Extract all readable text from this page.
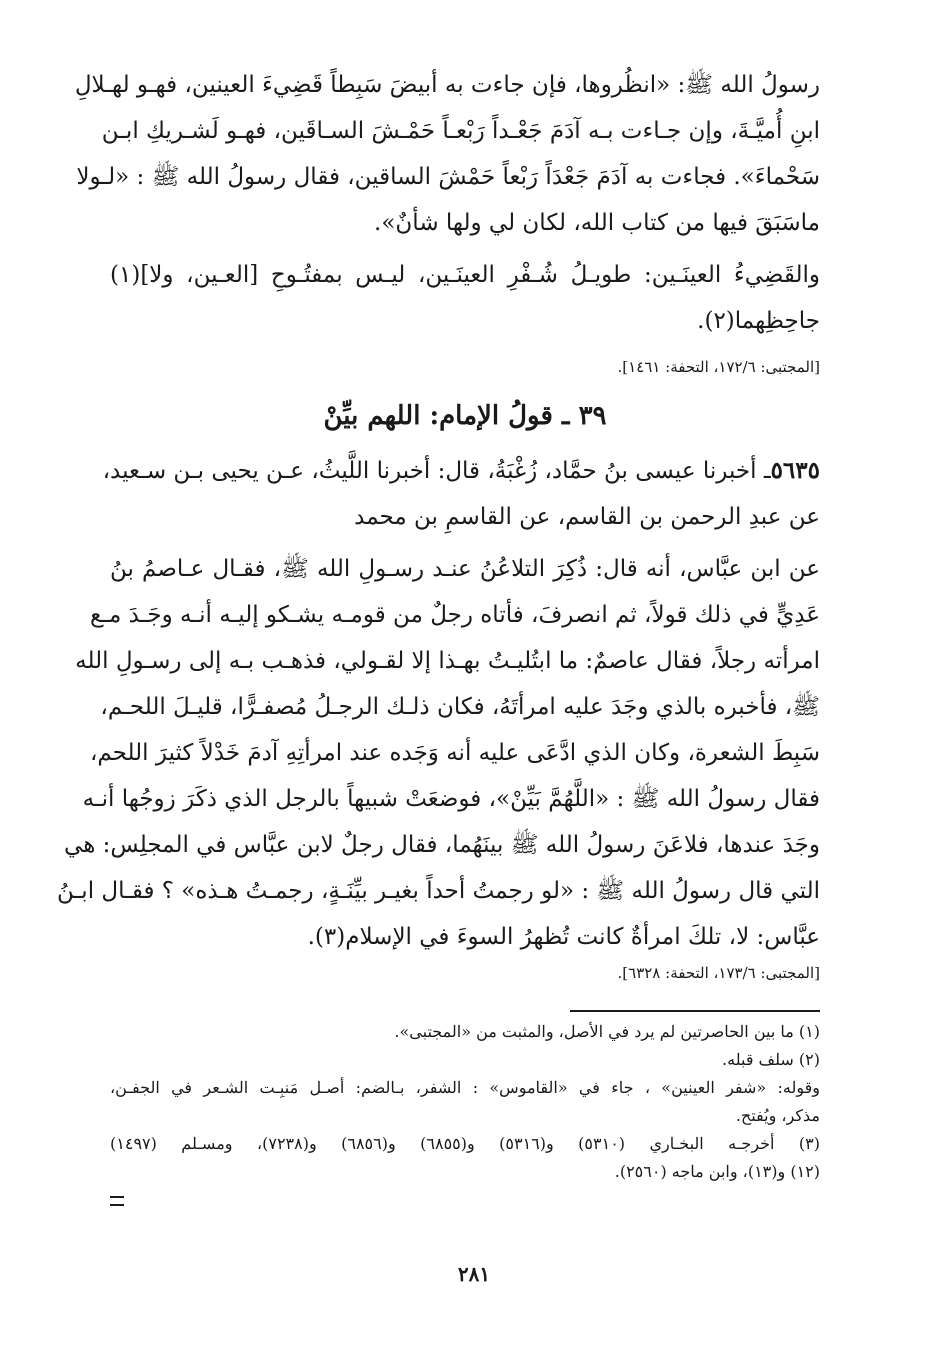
رسولُ الله ﷺ: «انظُروها، فإن جاءت به أبيضَ سَبِطاً قَضِيءَ العينين، فهـو لهـلالِ
ابنِ أُميَّـةَ، وإن جـاءت بـه آدَمَ جَعْـداً رَبْعـاً حَمْـشَ السـاقَين، فهـو لَشـريكِ ابـن
سَحْماءَ». فجاءت به آدَمَ جَعْدَاً رَبْعاً حَمْشَ الساقين، فقال رسولُ الله ﷺ : «لـولا
ماسَبَقَ فيها من كتاب الله، لكان لي ولها شأنٌ».
والقَضِيءُ العينَـين: طويـلُ شُـفْرِ العينَـين، ليـس بمفتُـوحِ [العـين، ولا](١)
جاحِظِهما(٢).
[المجتبى: ١٧٢/٦، التحفة: ١٤٦١].
٣٩ ـ قولُ الإمام: اللهم بيِّنْ
٥٦٣٥ـ أخبرنا عيسى بنُ حمَّاد، زُغْبَةُ، قال: أخبرنا اللَّيثُ، عـن يحيى بـن سـعيد،
عن عبدِ الرحمن بن القاسم، عن القاسمِ بن محمد
عن ابن عبَّاس، أنه قال: ذُكِرَ التلاعُنُ عنـد رسـولِ الله ﷺ، فقـال عـاصمُ بنُ
عَدِيٍّ في ذلك قولاً، ثم انصرفَ، فأتاه رجلٌ من قومـه يشـكو إليـه أنـه وجَـدَ مـع
امرأته رجلاً، فقال عاصمٌ: ما ابتُليـتُ بهـذا إلا لقـولي، فذهـب بـه إلى رسـولِ الله
ﷺ، فأخبره بالذي وجَدَ عليه امرأتَهُ، فكان ذلـك الرجـلُ مُصفـرًّا، قليـلَ اللحـم،
سَبِطَ الشعرة، وكان الذي ادَّعَى عليه أنه وَجَده عند امرأتِهِ آدمَ خَدْلاً كثيرَ اللحم،
فقال رسولُ الله ﷺ : «اللَّهُمَّ بَيِّنْ»، فوضعَتْ شبيهاً بالرجل الذي ذكَرَ زوجُها أنـه
وجَدَ عندها، فلاعَنَ رسولُ الله ﷺ بينَهُما، فقال رجلٌ لابن عبَّاس في المجلِس: هي
التي قال رسولُ الله ﷺ : «لو رجمتُ أحداً بغيـر بيِّنَـةٍ، رجمـتُ هـذه» ؟ فقـال ابـنُ
عبَّاس: لا، تلكَ امرأةٌ كانت تُظهرُ السوءَ في الإسلام(٣).
[المجتبى: ١٧٣/٦، التحفة: ٦٣٢٨].
(١) ما بين الحاصرتين لم يرد في الأصل، والمثبت من «المجتبى».
(٢) سلف قبله.
وقوله: «شفر العينين» ، جاء في «القاموس» : الشفر، بـالضم: أصـل مَنبِـت الشـعر في الجفـن،
مذكر، ويُفتح.
(٣) أخرجـه البخـاري (٥٣١٠) و(٥٣١٦) و(٦٨٥٥) و(٦٨٥٦) و(٧٢٣٨)، ومسـلم (١٤٩٧)
(١٢) و(١٣)، وابن ماجه (٢٥٦٠).
٢٨١
